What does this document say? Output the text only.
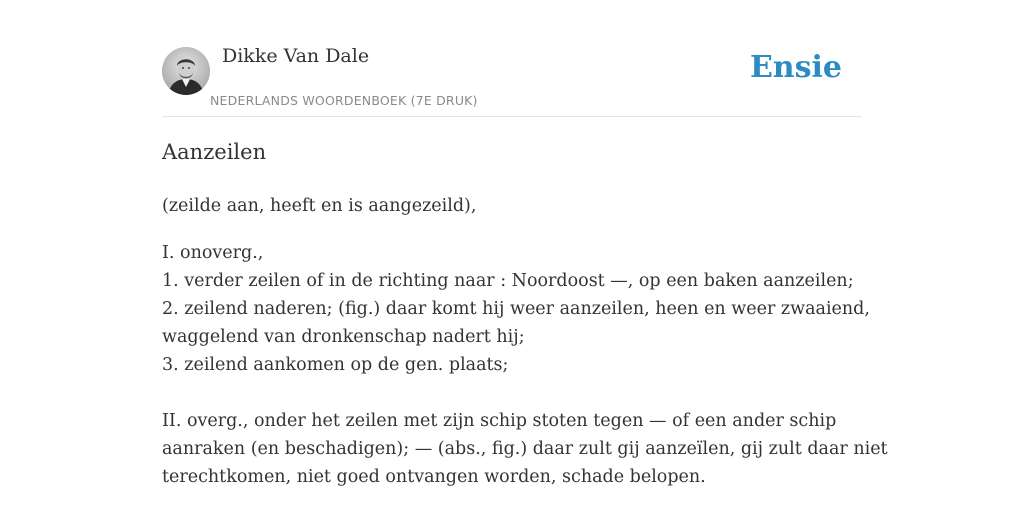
Dikke Van Dale
NEDERLANDS WOORDENBOEK (7E DRUK)
Ensie
Aanzeilen
(zeilde aan, heeft en is aangezeild),
I. onoverg.,
1. verder zeilen of in de richting naar : Noordoost —, op een baken aanzeilen;
2. zeilend naderen; (fig.) daar komt hij weer aanzeilen, heen en weer zwaaiend,
waggelend van dronkenschap nadert hij;
3. zeilend aankomen op de gen. plaats;
II. overg., onder het zeilen met zijn schip stoten tegen — of een ander schip
aanraken (en beschadigen); — (abs., fig.) daar zult gij aanzeïlen, gij zult daar niet
terechtkomen, niet goed ontvangen worden, schade belopen.
